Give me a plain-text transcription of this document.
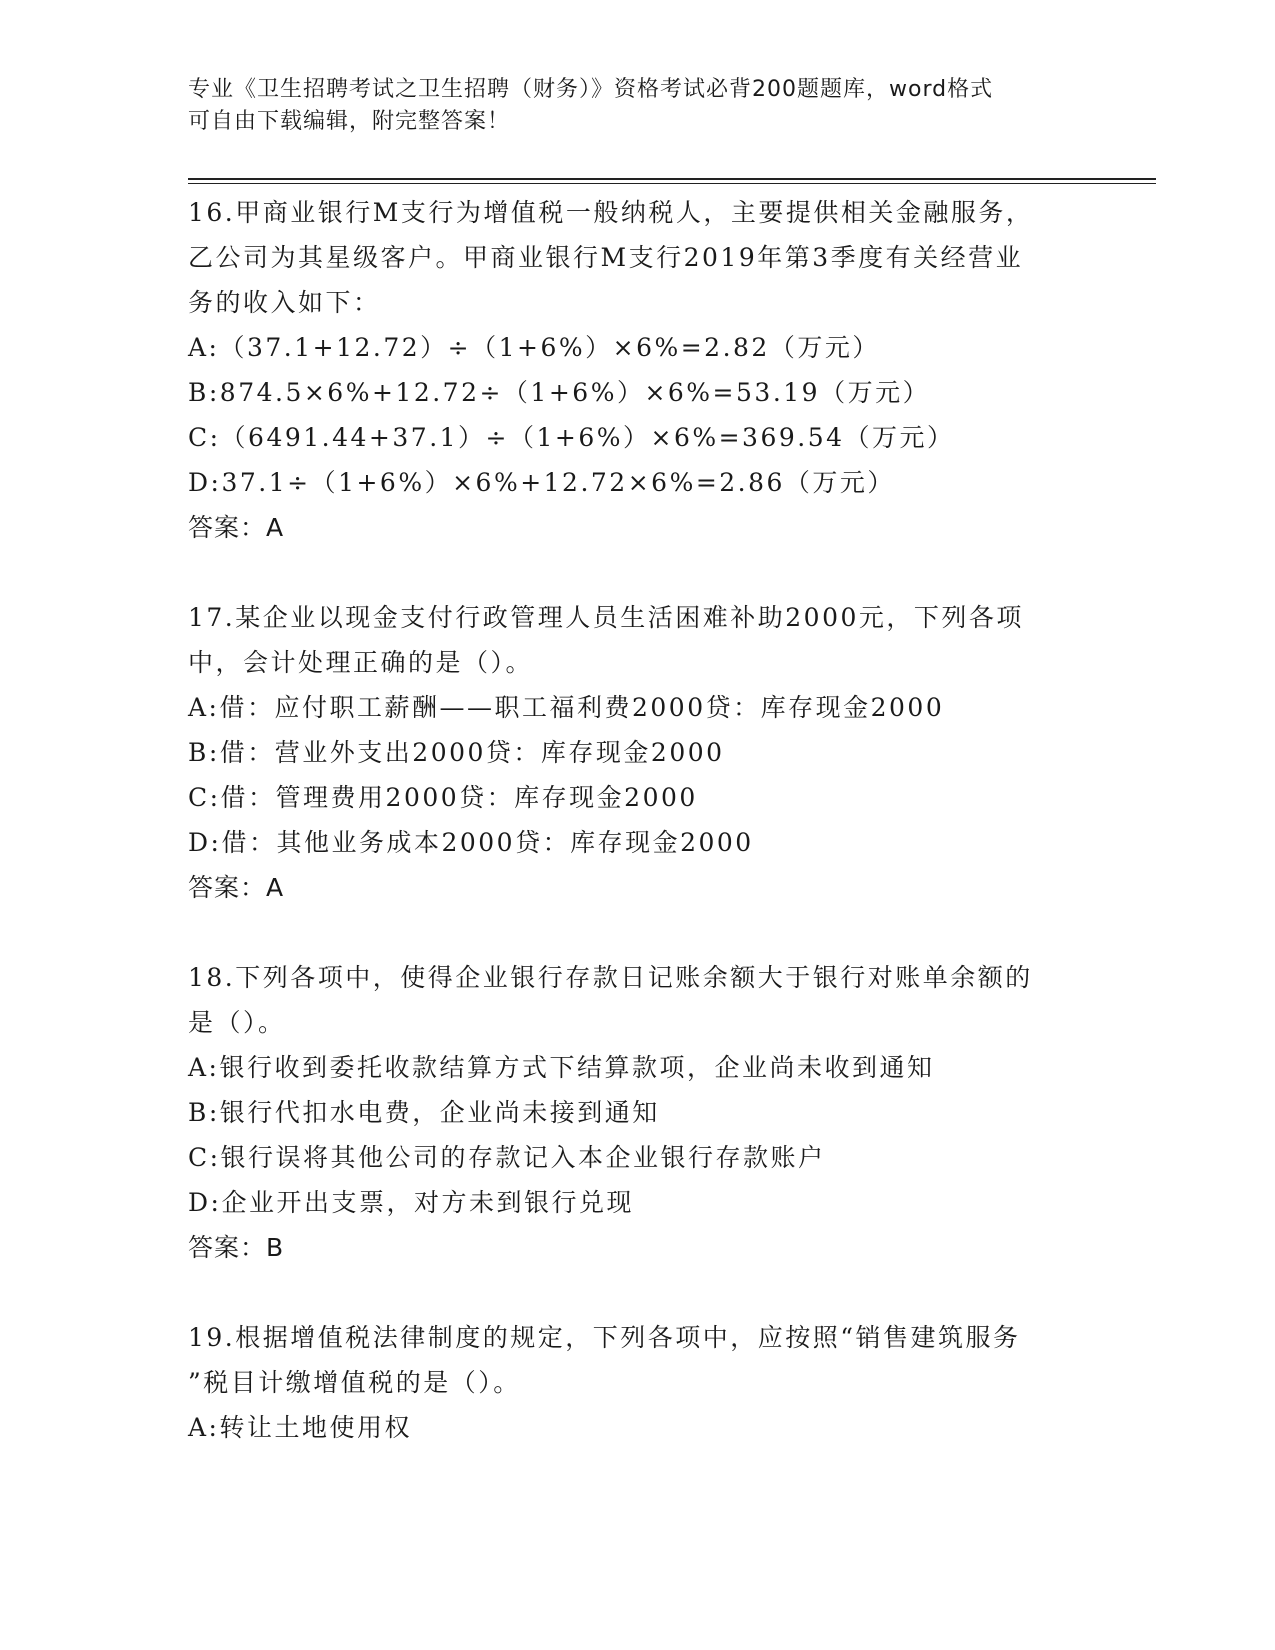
专业《卫生招聘考试之卫生招聘（财务）》资格考试必背200题题库，word格式
可自由下载编辑，附完整答案！
16.甲商业银行M支行为增值税一般纳税人，主要提供相关金融服务，
乙公司为其星级客户。甲商业银行M支行2019年第3季度有关经营业
务的收入如下：
A:（37.1+12.72）÷（1+6%）×6%=2.82（万元）
B:874.5×6%+12.72÷（1+6%）×6%=53.19（万元）
C:（6491.44+37.1）÷（1+6%）×6%=369.54（万元）
D:37.1÷（1+6%）×6%+12.72×6%=2.86（万元）
答案：A
17.某企业以现金支付行政管理人员生活困难补助2000元，下列各项
中，会计处理正确的是（）。
A:借：应付职工薪酬——职工福利费2000贷：库存现金2000
B:借：营业外支出2000贷：库存现金2000
C:借：管理费用2000贷：库存现金2000
D:借：其他业务成本2000贷：库存现金2000
答案：A
18.下列各项中，使得企业银行存款日记账余额大于银行对账单余额的
是（）。
A:银行收到委托收款结算方式下结算款项，企业尚未收到通知
B:银行代扣水电费，企业尚未接到通知
C:银行误将其他公司的存款记入本企业银行存款账户
D:企业开出支票，对方未到银行兑现
答案：B
19.根据增值税法律制度的规定，下列各项中，应按照“销售建筑服务
”税目计缴增值税的是（）。
A:转让土地使用权
